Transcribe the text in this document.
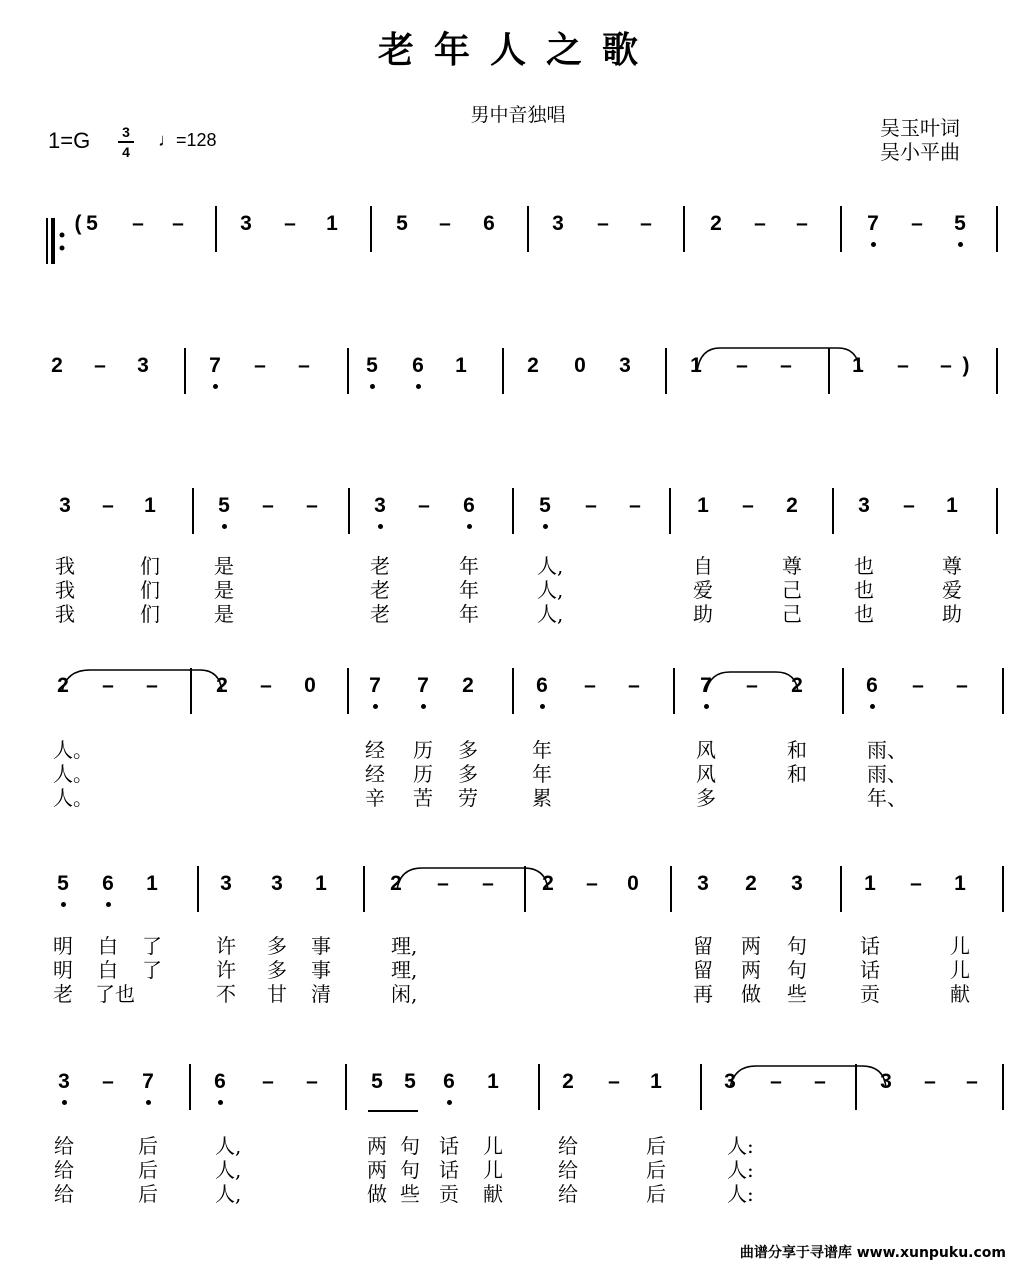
老年人之歌
男中音独唱
吴玉叶词
吴小平曲
1=G 3
4
♩=128
5 – –	3 – 1	5 – 6	3 – –	2 – –	7 – 5
2 – 3	7 – –	5 6 1	2 0 3	1 – –	1 – –
3 – 1	5 – –	3 – 6	5 – –	1 – 2	3 – 1
2 – –	2 – 0	7 7 2	6 – –	7 – 2	6 – –
5 6 1	3 3 1	2 – – 2 – 0	3 2 3	1 – 1
3 – 7	6 – –	5 5 6 1	2 – 1	3 – –	3 – –
(
)
我	们	是	老	年	人,	自	尊	也	尊
我	们	是	老	年	人,	爱	己	也	爱
我	们	是	老	年	人,	助	己	也	助
人。	经 历 多	年	风	和	雨、
人。	经 历 多	年	风	和	雨、
人。	辛 苦 劳	累	多	年、
明 白 了	许 多 事	理,	留 两 句	话	儿
明 白 了	许 多 事	理,	留 两 句	话	儿
老 了也	不 甘 清	闲,	再 做 些	贡	献
给	后	人,	两 句 话 儿	给	后	人:
给	后	人,	两 句 话 儿	给	后	人:
给	后	人,	做 些 贡 献	给	后	人:
曲谱分享于寻谱库 www.xunpuku.com
